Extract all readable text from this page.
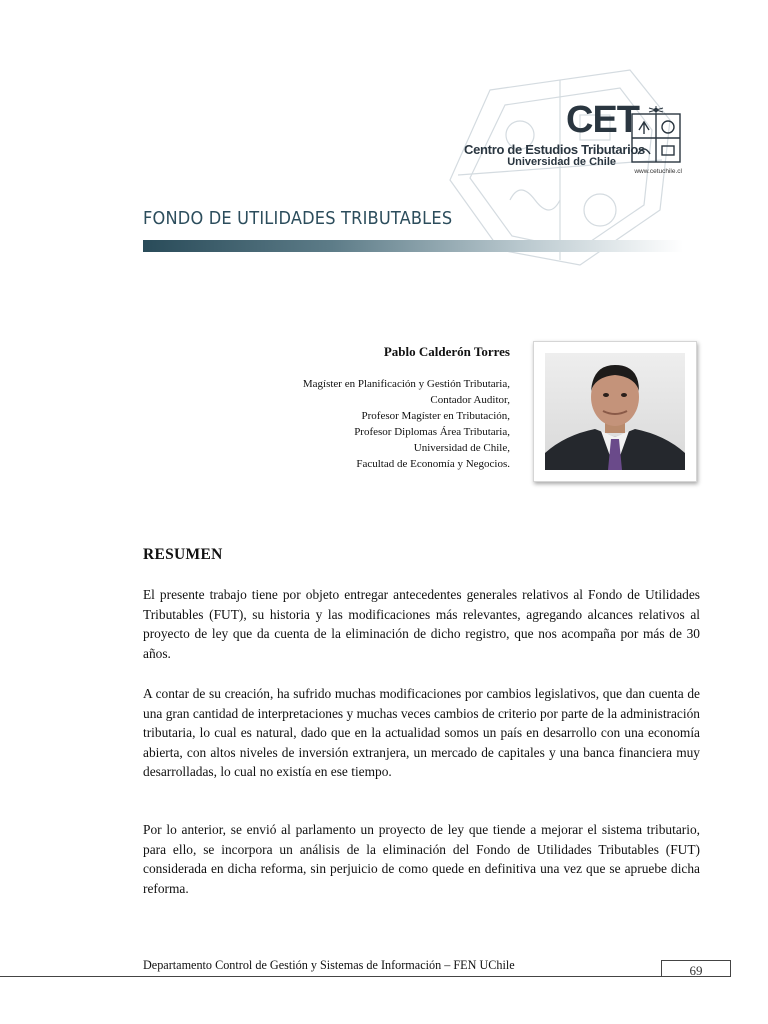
CET
Centro de Estudios Tributarios
Universidad de Chile
www.cetuchile.cl
FONDO DE UTILIDADES TRIBUTABLES
Pablo Calderón Torres
Magíster en Planificación y Gestión Tributaria,
Contador Auditor,
Profesor Magíster en Tributación,
Profesor Diplomas Área Tributaria,
Universidad de Chile,
Facultad de Economía y Negocios.
RESUMEN

El presente trabajo tiene por objeto entregar antecedentes generales relativos al Fondo de Utilidades Tributables (FUT), su historia y las modificaciones más relevantes, agregando alcances relativos al proyecto de ley que da cuenta de la eliminación de dicho registro, que nos acompaña por más de 30 años.

A contar de su creación, ha sufrido muchas modificaciones por cambios legislativos, que dan cuenta de una gran cantidad de interpretaciones y muchas veces cambios de criterio por parte de la administración tributaria, lo cual es natural, dado que en la actualidad somos un país en desarrollo con una economía abierta, con altos niveles de inversión extranjera, un mercado de capitales y una banca financiera muy desarrolladas, lo cual no existía en ese tiempo.

Por lo anterior, se envió al parlamento un proyecto de ley que tiende a mejorar el sistema tributario, para ello, se incorpora un análisis de la eliminación del Fondo de Utilidades Tributables (FUT) considerada en dicha reforma, sin perjuicio de como quede en definitiva una vez que se apruebe dicha reforma.

Departamento Control de Gestión y Sistemas de Información – FEN UChile	69
